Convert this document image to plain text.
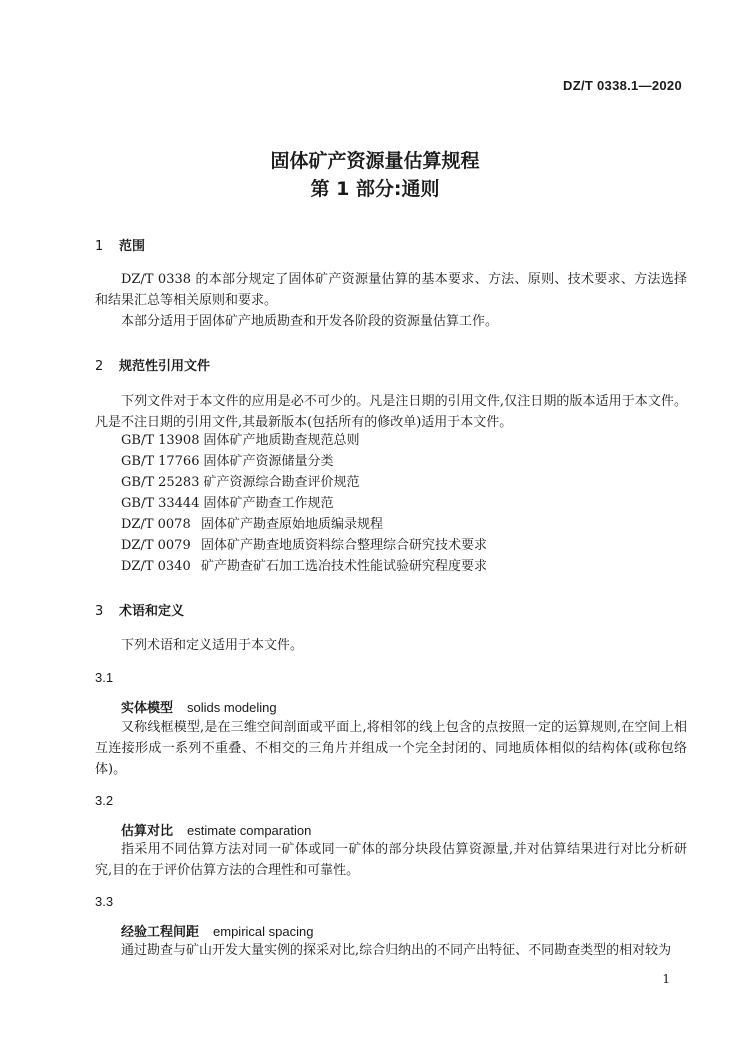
DZ/T 0338.1—2020
固体矿产资源量估算规程
第 1 部分:通则
1 范围
DZ/T 0338 的本部分规定了固体矿产资源量估算的基本要求、方法、原则、技术要求、方法选择和结果汇总等相关原则和要求。
本部分适用于固体矿产地质勘查和开发各阶段的资源量估算工作。
2 规范性引用文件
下列文件对于本文件的应用是必不可少的。凡是注日期的引用文件,仅注日期的版本适用于本文件。凡是不注日期的引用文件,其最新版本(包括所有的修改单)适用于本文件。
GB/T 13908 固体矿产地质勘查规范总则
GB/T 17766 固体矿产资源储量分类
GB/T 25283 矿产资源综合勘查评价规范
GB/T 33444 固体矿产勘查工作规范
DZ/T 0078 固体矿产勘查原始地质编录规程
DZ/T 0079 固体矿产勘查地质资料综合整理综合研究技术要求
DZ/T 0340 矿产勘查矿石加工选冶技术性能试验研究程度要求
3 术语和定义
下列术语和定义适用于本文件。
3.1
实体模型 solids modeling
又称线框模型,是在三维空间剖面或平面上,将相邻的线上包含的点按照一定的运算规则,在空间上相互连接形成一系列不重叠、不相交的三角片并组成一个完全封闭的、同地质体相似的结构体(或称包络体)。
3.2
估算对比 estimate comparation
指采用不同估算方法对同一矿体或同一矿体的部分块段估算资源量,并对估算结果进行对比分析研究,目的在于评价估算方法的合理性和可靠性。
3.3
经验工程间距 empirical spacing
通过勘查与矿山开发大量实例的探采对比,综合归纳出的不同产出特征、不同勘查类型的相对较为
1
